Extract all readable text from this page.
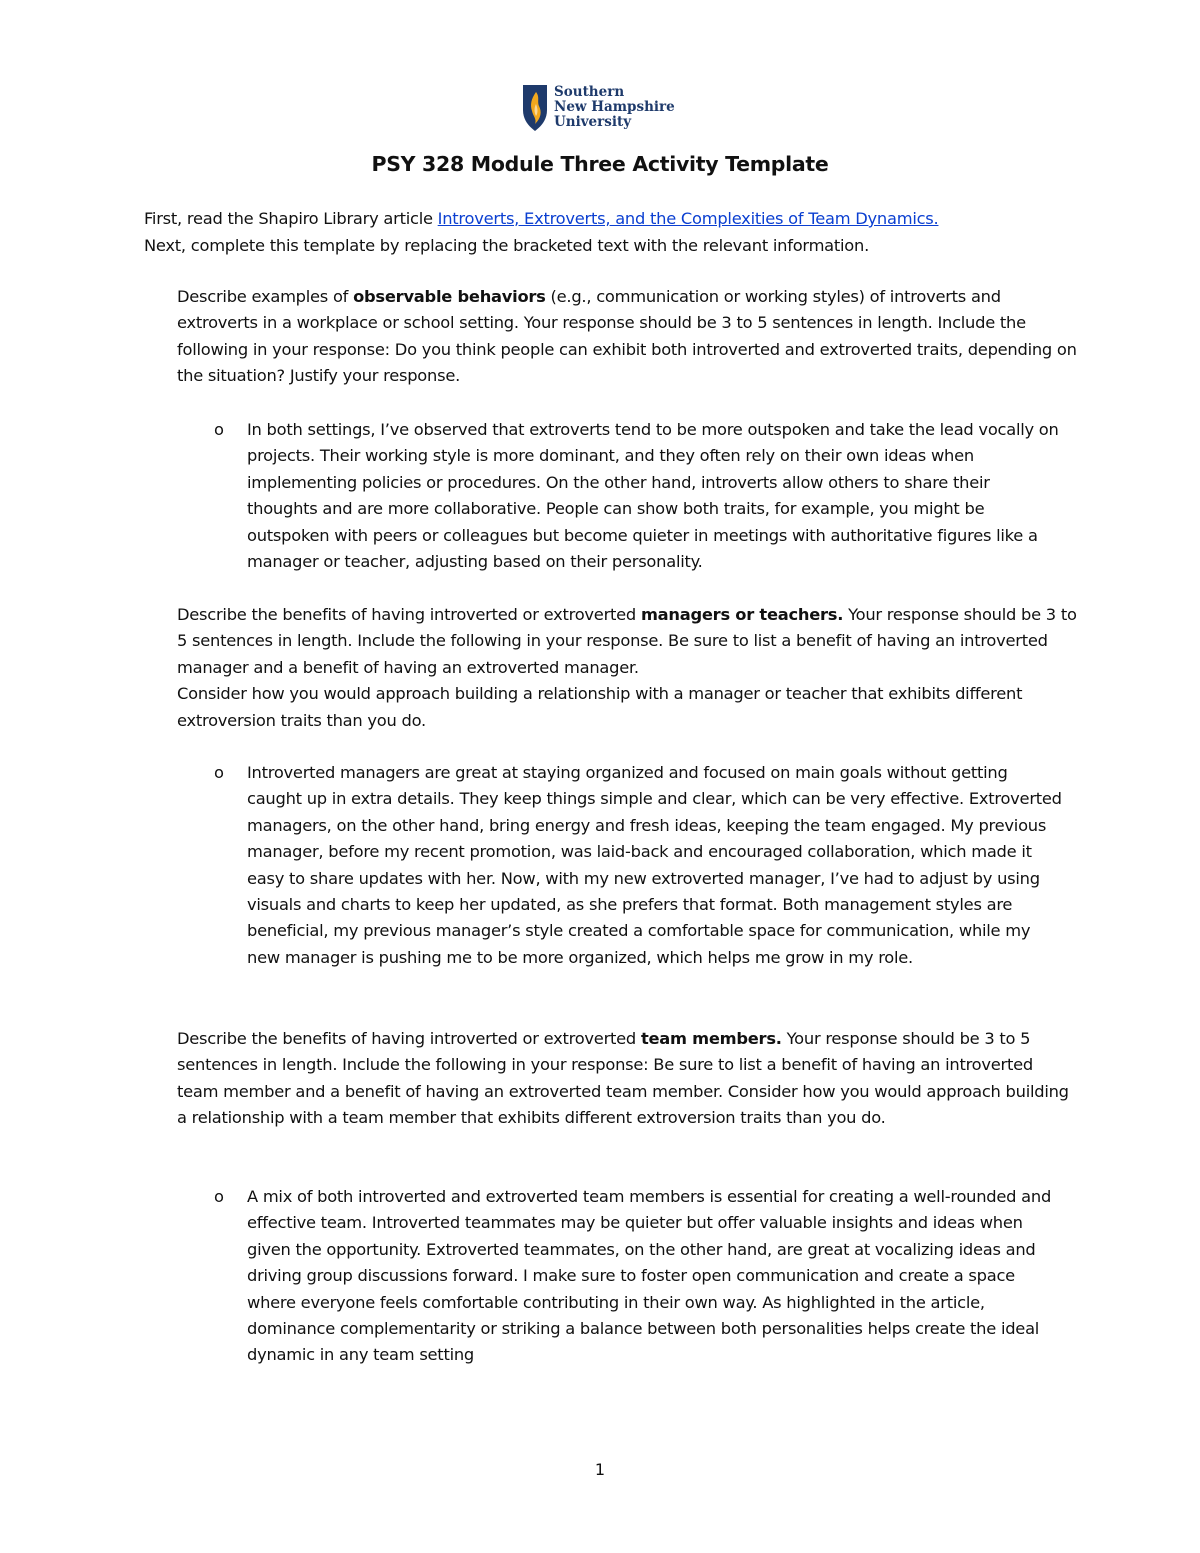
Southern
New Hampshire
University
PSY 328 Module Three Activity Template
First, read the Shapiro Library article Introverts, Extroverts, and the Complexities of Team Dynamics.
Next, complete this template by replacing the bracketed text with the relevant information.
Describe examples of observable behaviors (e.g., communication or working styles) of introverts and extroverts in a workplace or school setting. Your response should be 3 to 5 sentences in length. Include the following in your response: Do you think people can exhibit both introverted and extroverted traits, depending on the situation? Justify your response.
o	In both settings, I’ve observed that extroverts tend to be more outspoken and take the lead vocally on projects. Their working style is more dominant, and they often rely on their own ideas when implementing policies or procedures. On the other hand, introverts allow others to share their thoughts and are more collaborative. People can show both traits, for example, you might be outspoken with peers or colleagues but become quieter in meetings with authoritative figures like a manager or teacher, adjusting based on their personality.
Describe the benefits of having introverted or extroverted managers or teachers. Your response should be 3 to 5 sentences in length. Include the following in your response. Be sure to list a benefit of having an introverted manager and a benefit of having an extroverted manager.
Consider how you would approach building a relationship with a manager or teacher that exhibits different extroversion traits than you do.
o	Introverted managers are great at staying organized and focused on main goals without getting caught up in extra details. They keep things simple and clear, which can be very effective. Extroverted managers, on the other hand, bring energy and fresh ideas, keeping the team engaged. My previous manager, before my recent promotion, was laid-back and encouraged collaboration, which made it easy to share updates with her. Now, with my new extroverted manager, I’ve had to adjust by using visuals and charts to keep her updated, as she prefers that format. Both management styles are beneficial, my previous manager’s style created a comfortable space for communication, while my new manager is pushing me to be more organized, which helps me grow in my role.
Describe the benefits of having introverted or extroverted team members. Your response should be 3 to 5 sentences in length. Include the following in your response: Be sure to list a benefit of having an introverted team member and a benefit of having an extroverted team member. Consider how you would approach building a relationship with a team member that exhibits different extroversion traits than you do.
o	A mix of both introverted and extroverted team members is essential for creating a well-rounded and effective team. Introverted teammates may be quieter but offer valuable insights and ideas when given the opportunity. Extroverted teammates, on the other hand, are great at vocalizing ideas and driving group discussions forward. I make sure to foster open communication and create a space where everyone feels comfortable contributing in their own way. As highlighted in the article, dominance complementarity or striking a balance between both personalities helps create the ideal dynamic in any team setting
1
